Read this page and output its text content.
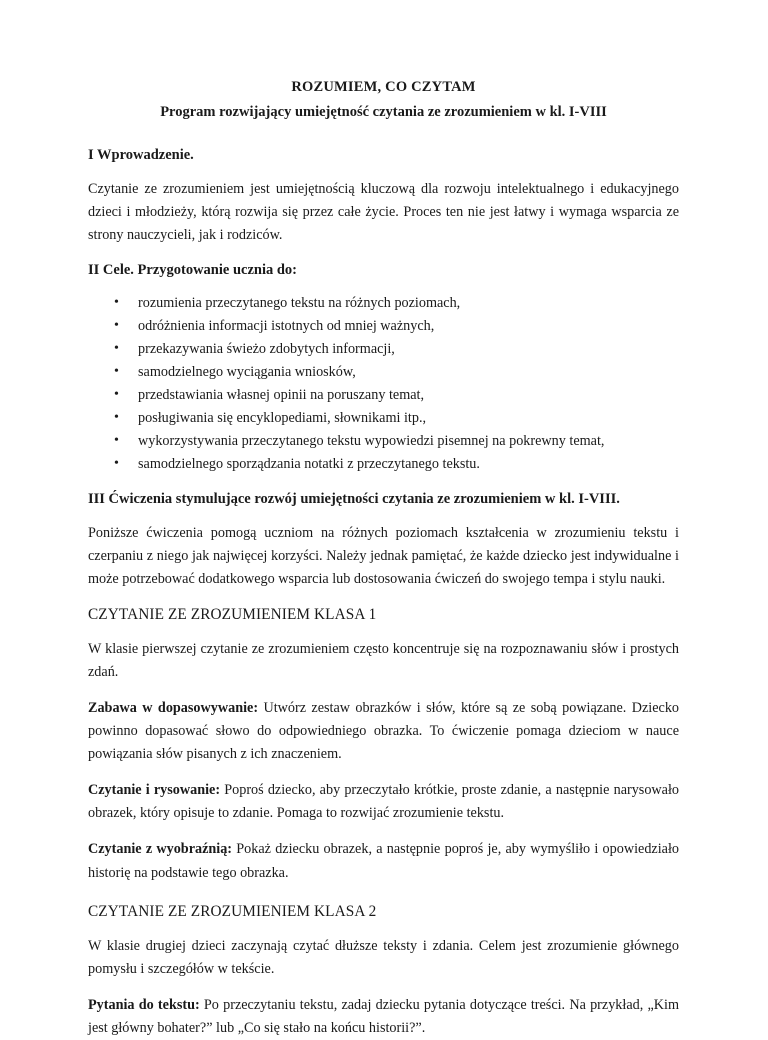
ROZUMIEM, CO CZYTAM
Program rozwijający umiejętność czytania ze zrozumieniem w kl. I-VIII
I Wprowadzenie.

Czytanie ze zrozumieniem jest umiejętnością kluczową dla rozwoju intelektualnego i edukacyjnego dzieci i młodzieży, którą rozwija się przez całe życie. Proces ten nie jest łatwy i wymaga wsparcia ze strony nauczycieli, jak i rodziców.

II Cele. Przygotowanie ucznia do:
• rozumienia przeczytanego tekstu na różnych poziomach,
• odróżnienia informacji istotnych od mniej ważnych,
• przekazywania świeżo zdobytych informacji,
• samodzielnego wyciągania wniosków,
• przedstawiania własnej opinii na poruszany temat,
• posługiwania się encyklopediami, słownikami itp.,
• wykorzystywania przeczytanego tekstu wypowiedzi pisemnej na pokrewny temat,
• samodzielnego sporządzania notatki z przeczytanego tekstu.
III Ćwiczenia stymulujące rozwój umiejętności czytania ze zrozumieniem w kl. I-VIII.

Poniższe ćwiczenia pomogą uczniom na różnych poziomach kształcenia w zrozumieniu tekstu i czerpaniu z niego jak najwięcej korzyści. Należy jednak pamiętać, że każde dziecko jest indywidualne i może potrzebować dodatkowego wsparcia lub dostosowania ćwiczeń do swojego tempa i stylu nauki.

CZYTANIE ZE ZROZUMIENIEM KLASA 1

W klasie pierwszej czytanie ze zrozumieniem często koncentruje się na rozpoznawaniu słów i prostych zdań.

Zabawa w dopasowywanie: Utwórz zestaw obrazków i słów, które są ze sobą powiązane. Dziecko powinno dopasować słowo do odpowiedniego obrazka. To ćwiczenie pomaga dzieciom w nauce powiązania słów pisanych z ich znaczeniem.

Czytanie i rysowanie: Poproś dziecko, aby przeczytało krótkie, proste zdanie, a następnie narysowało obrazek, który opisuje to zdanie. Pomaga to rozwijać zrozumienie tekstu.

Czytanie z wyobraźnią: Pokaż dziecku obrazek, a następnie poproś je, aby wymyśliło i opowiedziało historię na podstawie tego obrazka.

CZYTANIE ZE ZROZUMIENIEM KLASA 2

W klasie drugiej dzieci zaczynają czytać dłuższe teksty i zdania. Celem jest zrozumienie głównego pomysłu i szczegółów w tekście.

Pytania do tekstu: Po przeczytaniu tekstu, zadaj dziecku pytania dotyczące treści. Na przykład, „Kim jest główny bohater?” lub „Co się stało na końcu historii?”.
